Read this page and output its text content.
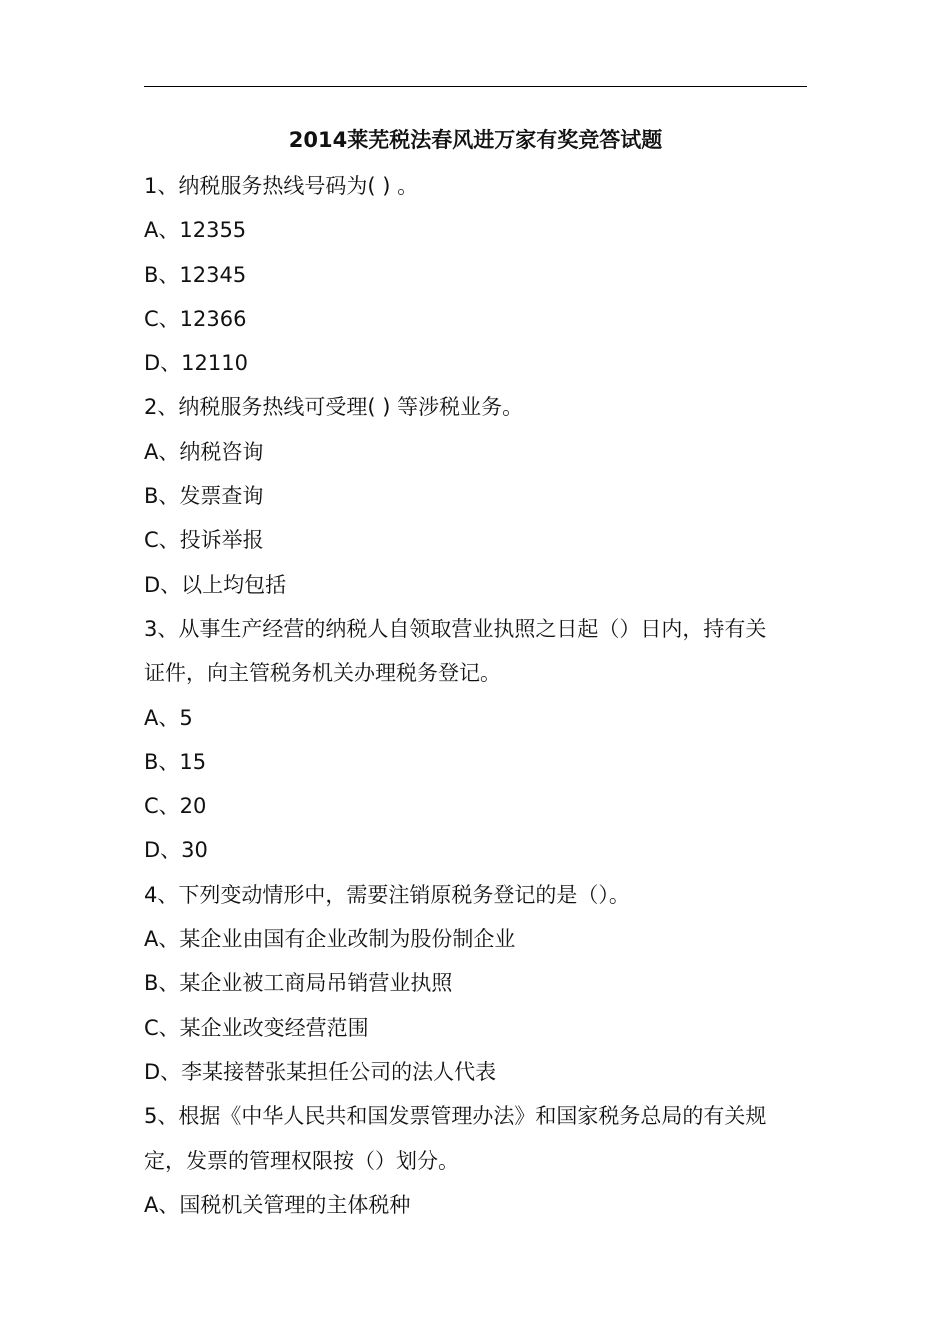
2014莱芜税法春风进万家有奖竞答试题
1、纳税服务热线号码为( ) 。
A、12355
B、12345
C、12366
D、12110
2、纳税服务热线可受理( ) 等涉税业务。
A、纳税咨询
B、发票查询
C、投诉举报
D、以上均包括
3、从事生产经营的纳税人自领取营业执照之日起（）日内，持有关
证件，向主管税务机关办理税务登记。
A、5
B、15
C、20
D、30
4、下列变动情形中，需要注销原税务登记的是（）。
A、某企业由国有企业改制为股份制企业
B、某企业被工商局吊销营业执照
C、某企业改变经营范围
D、李某接替张某担任公司的法人代表
5、根据《中华人民共和国发票管理办法》和国家税务总局的有关规
定，发票的管理权限按（）划分。
A、国税机关管理的主体税种
